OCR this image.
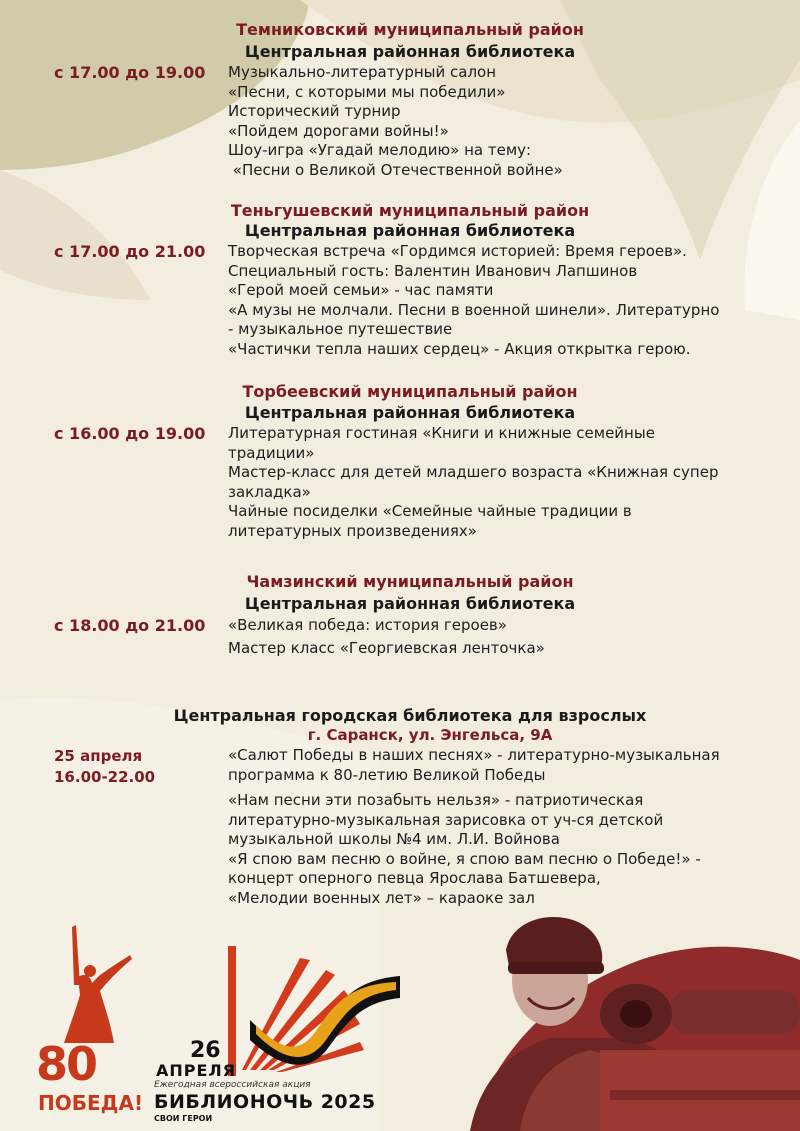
Темниковский муниципальный район
Центральная районная библиотека
с 17.00 до 19.00 Музыкально-литературный салон
«Песни, с которыми мы победили»
Исторический турнир
«Пойдем дорогами войны!»
Шоу-игра «Угадай мелодию» на тему:
«Песни о Великой Отечественной войне»
Теньгушевский муниципальный район
Центральная районная библиотека
с 17.00 до 21.00 Творческая встреча «Гордимся историей: Время героев».
Специальный гость: Валентин Иванович Лапшинов
«Герой моей семьи» - час памяти
«А музы не молчали. Песни в военной шинели». Литературно
- музыкальное путешествие
«Частички тепла наших сердец» - Акция открытка герою.
Торбеевский муниципальный район
Центральная районная библиотека
с 16.00 до 19.00 Литературная гостиная «Книги и книжные семейные
традиции»
Мастер-класс для детей младшего возраста «Книжная супер
закладка»
Чайные посиделки «Семейные чайные традиции в
литературных произведениях»
Чамзинский муниципальный район
Центральная районная библиотека
с 18.00 до 21.00 «Великая победа: история героев»
Мастер класс «Георгиевская ленточка»
Центральная городская библиотека для взрослых
г. Саранск, ул. Энгельса, 9А
25 апреля
16.00-22.00
«Салют Победы в наших песнях» - литературно-музыкальная
программа к 80-летию Великой Победы
«Нам песни эти позабыть нельзя» - патриотическая
литературно-музыкальная зарисовка от уч-ся детской
музыкальной школы №4 им. Л.И. Войнова
«Я спою вам песню о войне, я спою вам песню о Победе!» -
концерт оперного певца Ярослава Батшевера,
«Мелодии военных лет» – караоке зал
80
ПОБЕДА!
26
АПРЕЛЯ
Ежегодная всероссийская акция
БИБЛИОНОЧЬ 2025
СВОИ ГЕРОИ
